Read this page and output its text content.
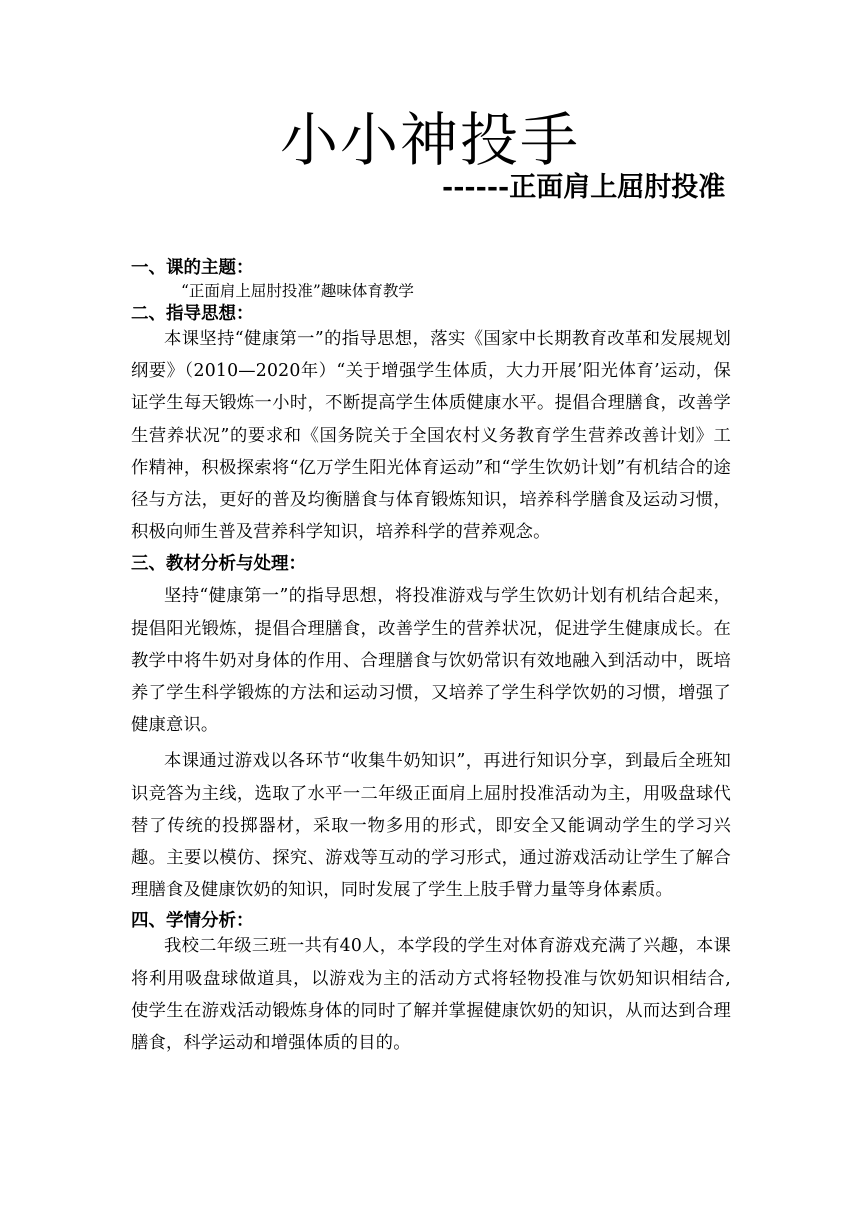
小小神投手
------正面肩上屈肘投准
一、课的主题：

“正面肩上屈肘投准”趣味体育教学

二、指导思想：

本课坚持“健康第一”的指导思想，落实《国家中长期教育改革和发展规划纲要》（2010—2020年）“关于增强学生体质，大力开展’阳光体育’运动，保证学生每天锻炼一小时，不断提高学生体质健康水平。提倡合理膳食，改善学生营养状况”的要求和《国务院关于全国农村义务教育学生营养改善计划》工作精神，积极探索将“亿万学生阳光体育运动”和“学生饮奶计划”有机结合的途径与方法，更好的普及均衡膳食与体育锻炼知识，培养科学膳食及运动习惯，积极向师生普及营养科学知识，培养科学的营养观念。

三、教材分析与处理：

坚持“健康第一”的指导思想，将投准游戏与学生饮奶计划有机结合起来，提倡阳光锻炼，提倡合理膳食，改善学生的营养状况，促进学生健康成长。在教学中将牛奶对身体的作用、合理膳食与饮奶常识有效地融入到活动中，既培养了学生科学锻炼的方法和运动习惯，又培养了学生科学饮奶的习惯，增强了健康意识。

本课通过游戏以各环节“收集牛奶知识”，再进行知识分享，到最后全班知识竞答为主线，选取了水平一二年级正面肩上屈肘投准活动为主，用吸盘球代替了传统的投掷器材，采取一物多用的形式，即安全又能调动学生的学习兴趣。主要以模仿、探究、游戏等互动的学习形式，通过游戏活动让学生了解合理膳食及健康饮奶的知识，同时发展了学生上肢手臂力量等身体素质。

四、学情分析：

我校二年级三班一共有40人，本学段的学生对体育游戏充满了兴趣，本课将利用吸盘球做道具，以游戏为主的活动方式将轻物投准与饮奶知识相结合,使学生在游戏活动锻炼身体的同时了解并掌握健康饮奶的知识，从而达到合理膳食，科学运动和增强体质的目的。
